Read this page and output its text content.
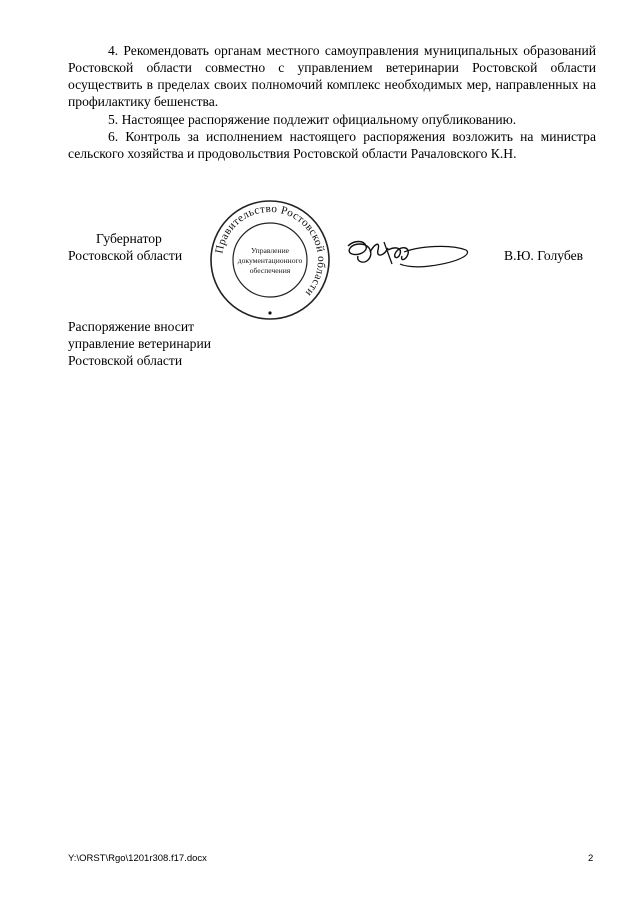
4. Рекомендовать органам местного самоуправления муниципальных образований Ростовской области совместно с управлением ветеринарии Ростовской области осуществить в пределах своих полномочий комплекс необходимых мер, направленных на профилактику бешенства.

5. Настоящее распоряжение подлежит официальному опубликованию.

6. Контроль за исполнением настоящего распоряжения возложить на министра сельского хозяйства и продовольствия Ростовской области Рачаловского К.Н.

Губернатор
Ростовской области	Правительство Ростовской области
Управление
документационного
обеспечения
В.Ю. Голубев
Распоряжение вносит
управление ветеринарии
Ростовской области
Y:\ORST\Rgo\1201r308.f17.docx	2
